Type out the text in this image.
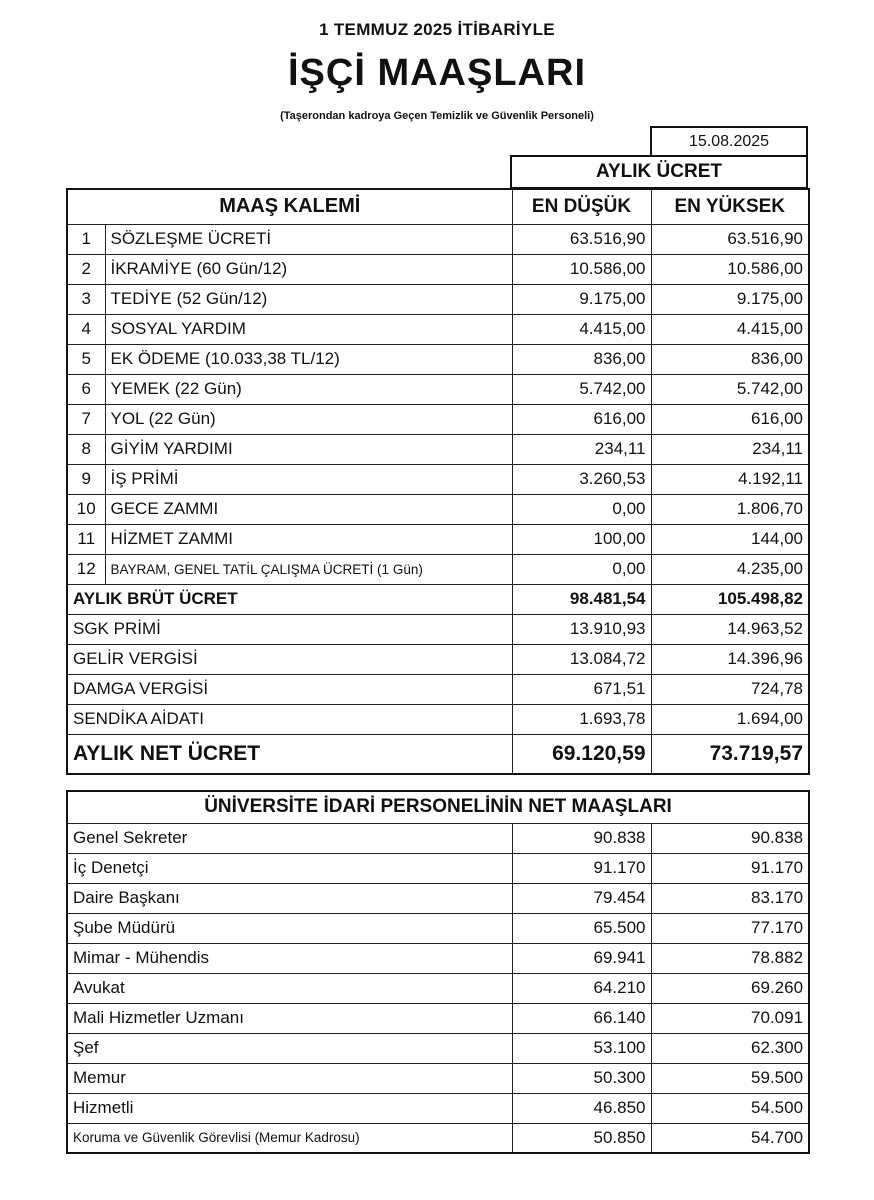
1 TEMMUZ 2025 İTİBARİYLE
İŞÇİ MAAŞLARI
(Taşerondan kadroya Geçen Temizlik ve Güvenlik Personeli)
15.08.2025
AYLIK ÜCRET
MAAŞ KALEMİ		EN DÜŞÜK	EN YÜKSEK
1	SÖZLEŞME ÜCRETİ	63.516,90	63.516,90
2	İKRAMİYE (60 Gün/12)	10.586,00	10.586,00
3	TEDİYE (52 Gün/12)	9.175,00	9.175,00
4	SOSYAL YARDIM	4.415,00	4.415,00
5	EK ÖDEME (10.033,38 TL/12)	836,00	836,00
6	YEMEK (22 Gün)	5.742,00	5.742,00
7	YOL (22 Gün)	616,00	616,00
8	GİYİM YARDIMI	234,11	234,11
9	İŞ PRİMİ	3.260,53	4.192,11
10	GECE ZAMMI	0,00	1.806,70
11	HİZMET ZAMMI	100,00	144,00
12	BAYRAM, GENEL TATİL ÇALIŞMA ÜCRETİ (1 Gün)	0,00	4.235,00
AYLIK BRÜT ÜCRET		98.481,54	105.498,82
SGK PRİMİ		13.910,93	14.963,52
GELİR VERGİSİ		13.084,72	14.396,96
DAMGA VERGİSİ		671,51	724,78
SENDİKA AİDATI		1.693,78	1.694,00
AYLIK NET ÜCRET		69.120,59	73.719,57
ÜNİVERSİTE İDARİ PERSONELİNİN NET MAAŞLARI		
Genel Sekreter	90.838	90.838
İç Denetçi	91.170	91.170
Daire Başkanı	79.454	83.170
Şube Müdürü	65.500	77.170
Mimar - Mühendis	69.941	78.882
Avukat	64.210	69.260
Mali Hizmetler Uzmanı	66.140	70.091
Şef	53.100	62.300
Memur	50.300	59.500
Hizmetli	46.850	54.500
Koruma ve Güvenlik Görevlisi (Memur Kadrosu)	50.850	54.700
